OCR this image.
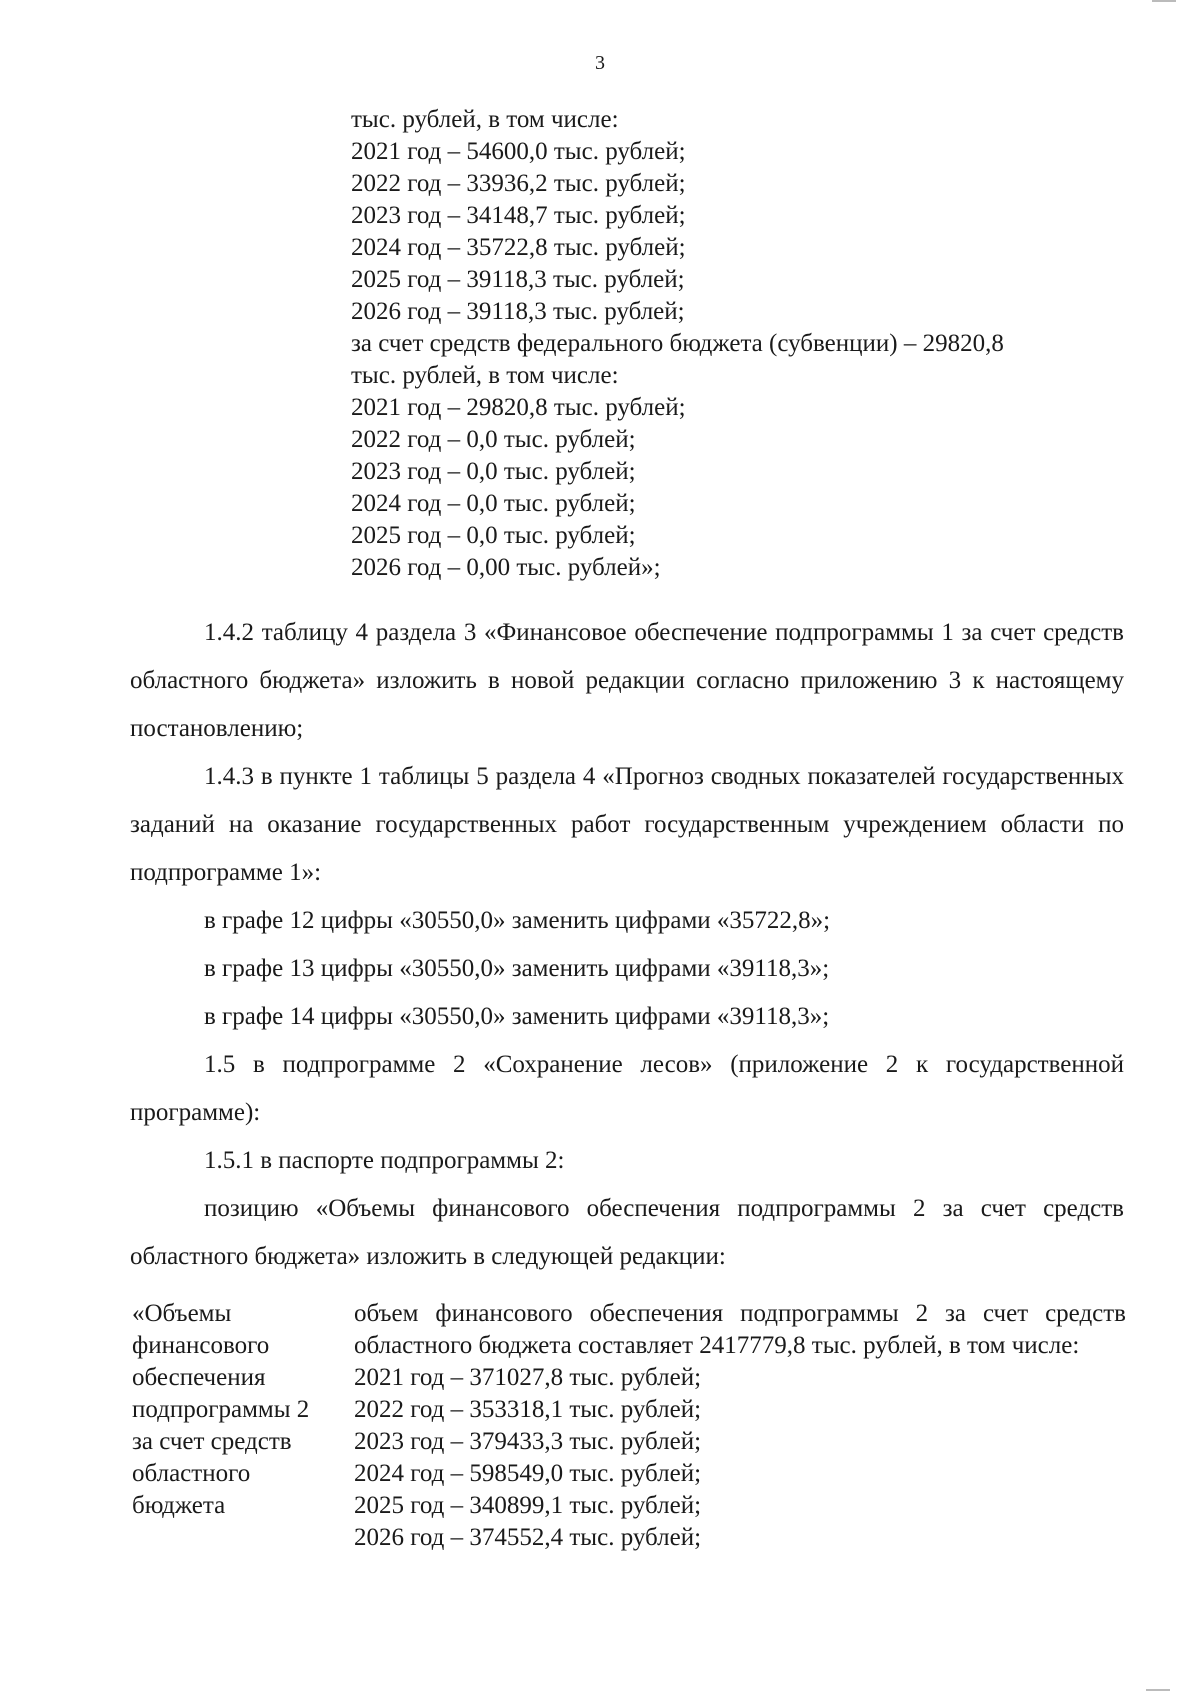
3
тыс. рублей, в том числе:
2021 год – 54600,0 тыс. рублей;
2022 год – 33936,2 тыс. рублей;
2023 год – 34148,7 тыс. рублей;
2024 год – 35722,8 тыс. рублей;
2025 год – 39118,3 тыс. рублей;
2026 год – 39118,3 тыс. рублей;
за счет средств федерального бюджета (субвенции) – 29820,8
тыс. рублей, в том числе:
2021 год – 29820,8 тыс. рублей;
2022 год – 0,0 тыс. рублей;
2023 год – 0,0 тыс. рублей;
2024 год – 0,0 тыс. рублей;
2025 год – 0,0 тыс. рублей;
2026 год – 0,00 тыс. рублей»;
1.4.2 таблицу 4 раздела 3 «Финансовое обеспечение подпрограммы 1 за счет средств областного бюджета» изложить в новой редакции согласно приложению 3 к настоящему постановлению;
1.4.3 в пункте 1 таблицы 5 раздела 4 «Прогноз сводных показателей государственных заданий на оказание государственных работ государственным учреждением области по подпрограмме 1»:
в графе 12 цифры «30550,0» заменить цифрами «35722,8»;
в графе 13 цифры «30550,0» заменить цифрами «39118,3»;
в графе 14 цифры «30550,0» заменить цифрами «39118,3»;
1.5 в подпрограмме 2 «Сохранение лесов» (приложение 2 к государственной программе):
1.5.1 в паспорте подпрограммы 2:
позицию «Объемы финансового обеспечения подпрограммы 2 за счет средств областного бюджета» изложить в следующей редакции:
«Объемы
финансового
обеспечения
подпрограммы 2
за счет средств
областного
бюджета
объем финансового обеспечения подпрограммы 2 за счет средств областного бюджета составляет 2417779,8 тыс. рублей, в том числе:
2021 год – 371027,8 тыс. рублей;
2022 год – 353318,1 тыс. рублей;
2023 год – 379433,3 тыс. рублей;
2024 год – 598549,0 тыс. рублей;
2025 год – 340899,1 тыс. рублей;
2026 год – 374552,4 тыс. рублей;
